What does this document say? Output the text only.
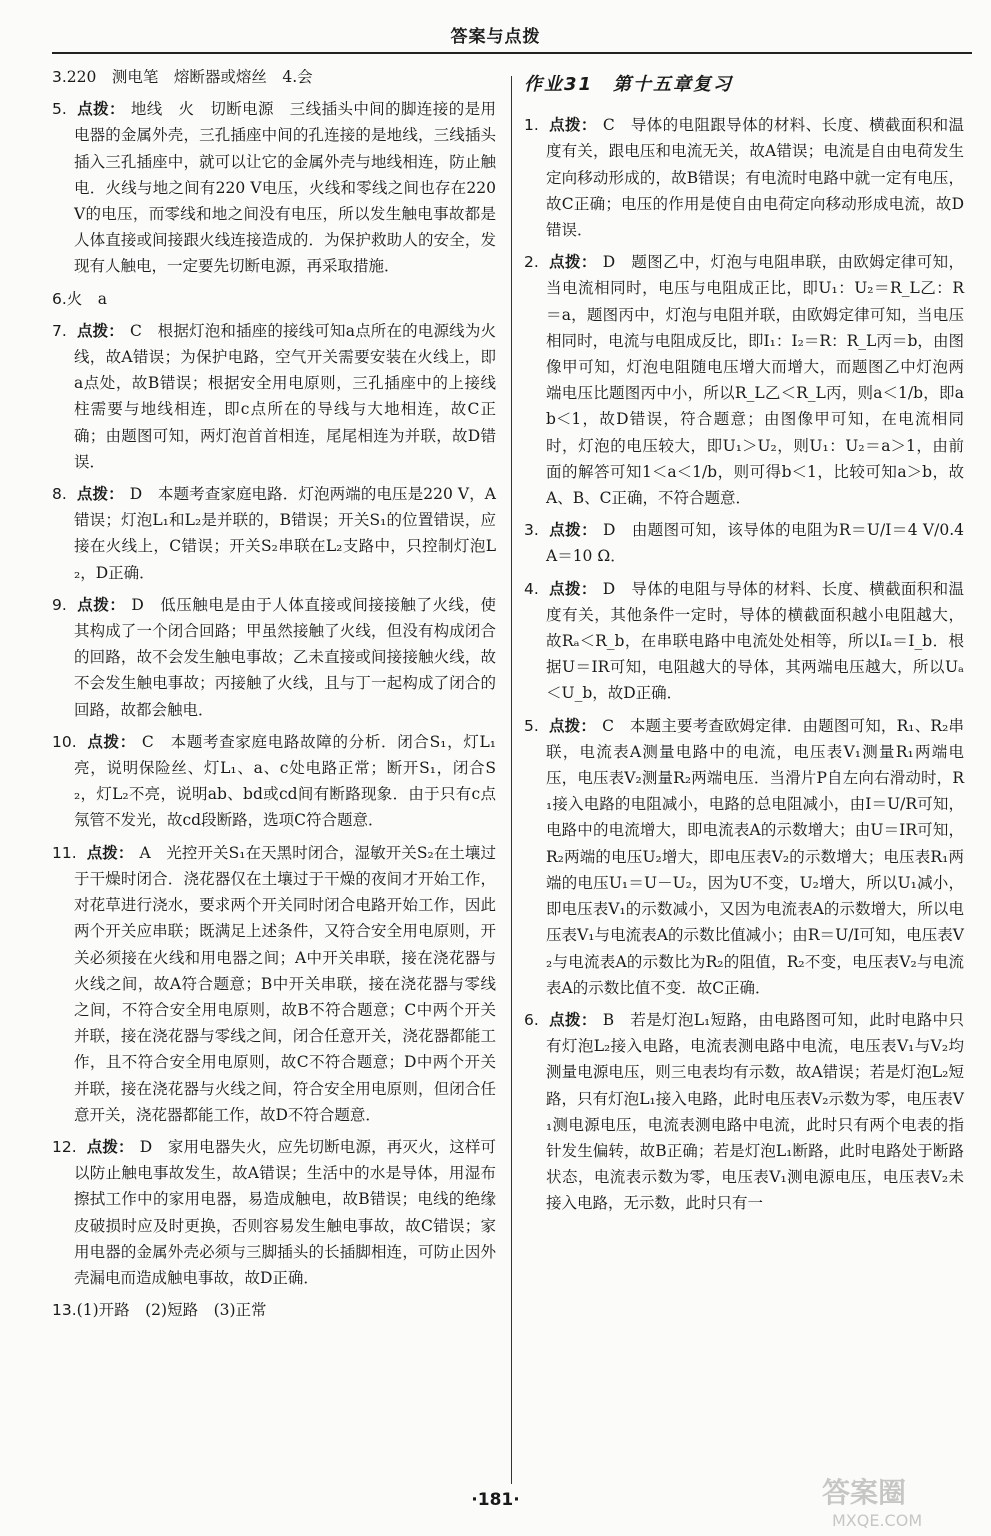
答案与点拨

3.220　测电笔　熔断器或熔丝　4.会

5. 点拨： 地线　火　切断电源　三线插头中间的脚连接的是用电器的金属外壳，三孔插座中间的孔连接的是地线，三线插头插入三孔插座中，就可以让它的金属外壳与地线相连，防止触电．火线与地之间有220 V电压，火线和零线之间也存在220 V的电压，而零线和地之间没有电压，所以发生触电事故都是人体直接或间接跟火线连接造成的．为保护救助人的安全，发现有人触电，一定要先切断电源，再采取措施．

6.火　a

7. 点拨： C　根据灯泡和插座的接线可知a点所在的电源线为火线，故A错误；为保护电路，空气开关需要安装在火线上，即a点处，故B错误；根据安全用电原则，三孔插座中的上接线柱需要与地线相连，即c点所在的导线与大地相连，故C正确；由题图可知，两灯泡首首相连，尾尾相连为并联，故D错误．

8. 点拨： D　本题考查家庭电路．灯泡两端的电压是220 V，A错误；灯泡L₁和L₂是并联的，B错误；开关S₁的位置错误，应接在火线上，C错误；开关S₂串联在L₂支路中，只控制灯泡L₂，D正确．

9. 点拨： D　低压触电是由于人体直接或间接接触了火线，使其构成了一个闭合回路；甲虽然接触了火线，但没有构成闭合的回路，故不会发生触电事故；乙未直接或间接接触火线，故不会发生触电事故；丙接触了火线，且与丁一起构成了闭合的回路，故都会触电．

10. 点拨： C　本题考查家庭电路故障的分析．闭合S₁，灯L₁亮，说明保险丝、灯L₁、a、c处电路正常；断开S₁，闭合S₂，灯L₂不亮，说明ab、bd或cd间有断路现象．由于只有c点氖管不发光，故cd段断路，选项C符合题意．

11. 点拨： A　光控开关S₁在天黑时闭合，湿敏开关S₂在土壤过于干燥时闭合．浇花器仅在土壤过于干燥的夜间才开始工作，对花草进行浇水，要求两个开关同时闭合电路开始工作，因此两个开关应串联；既满足上述条件，又符合安全用电原则，开关必须接在火线和用电器之间；A中开关串联，接在浇花器与火线之间，故A符合题意；B中开关串联，接在浇花器与零线之间，不符合安全用电原则，故B不符合题意；C中两个开关并联，接在浇花器与零线之间，闭合任意开关，浇花器都能工作，且不符合安全用电原则，故C不符合题意；D中两个开关并联，接在浇花器与火线之间，符合安全用电原则，但闭合任意开关，浇花器都能工作，故D不符合题意．

12. 点拨： D　家用电器失火，应先切断电源，再灭火，这样可以防止触电事故发生，故A错误；生活中的水是导体，用湿布擦拭工作中的家用电器，易造成触电，故B错误；电线的绝缘皮破损时应及时更换，否则容易发生触电事故，故C错误；家用电器的金属外壳必须与三脚插头的长插脚相连，可防止因外壳漏电而造成触电事故，故D正确．

13.(1)开路　(2)短路　(3)正常

作业31　第十五章复习

1. 点拨： C　导体的电阻跟导体的材料、长度、横截面积和温度有关，跟电压和电流无关，故A错误；电流是自由电荷发生定向移动形成的，故B错误；有电流时电路中就一定有电压，故C正确；电压的作用是使自由电荷定向移动形成电流，故D错误．

2. 点拨： D　题图乙中，灯泡与电阻串联，由欧姆定律可知，当电流相同时，电压与电阻成正比，即U₁：U₂＝R_L乙：R＝a，题图丙中，灯泡与电阻并联，由欧姆定律可知，当电压相同时，电流与电阻成反比，即I₁：I₂＝R：R_L丙＝b，由图像甲可知，灯泡电阻随电压增大而增大，而题图乙中灯泡两端电压比题图丙中小，所以R_L乙＜R_L丙，则a＜1/b，即ab＜1，故D错误，符合题意；由图像甲可知，在电流相同时，灯泡的电压较大，即U₁＞U₂，则U₁：U₂＝a＞1，由前面的解答可知1＜a＜1/b，则可得b＜1，比较可知a＞b，故A、B、C正确，不符合题意．

3. 点拨： D　由题图可知，该导体的电阻为R＝U/I＝4 V/0.4 A＝10 Ω．

4. 点拨： D　导体的电阻与导体的材料、长度、横截面积和温度有关，其他条件一定时，导体的横截面积越小电阻越大，故Rₐ＜R_b，在串联电路中电流处处相等，所以Iₐ＝I_b．根据U＝IR可知，电阻越大的导体，其两端电压越大，所以Uₐ＜U_b，故D正确．

5. 点拨： C　本题主要考查欧姆定律．由题图可知，R₁、R₂串联，电流表A测量电路中的电流，电压表V₁测量R₁两端电压，电压表V₂测量R₂两端电压．当滑片P自左向右滑动时，R₁接入电路的电阻减小，电路的总电阻减小，由I＝U/R可知，电路中的电流增大，即电流表A的示数增大；由U＝IR可知，R₂两端的电压U₂增大，即电压表V₂的示数增大；电压表R₁两端的电压U₁＝U－U₂，因为U不变，U₂增大，所以U₁减小，即电压表V₁的示数减小，又因为电流表A的示数增大，所以电压表V₁与电流表A的示数比值减小；由R＝U/I可知，电压表V₂与电流表A的示数比为R₂的阻值，R₂不变，电压表V₂与电流表A的示数比值不变．故C正确．

6. 点拨： B　若是灯泡L₁短路，由电路图可知，此时电路中只有灯泡L₂接入电路，电流表测电路中电流，电压表V₁与V₂均测量电源电压，则三电表均有示数，故A错误；若是灯泡L₂短路，只有灯泡L₁接入电路，此时电压表V₂示数为零，电压表V₁测电源电压，电流表测电路中电流，此时只有两个电表的指针发生偏转，故B正确；若是灯泡L₁断路，此时电路处于断路状态，电流表示数为零，电压表V₁测电源电压，电压表V₂未接入电路，无示数，此时只有一

·181·	答案圈
MXQE.COM
